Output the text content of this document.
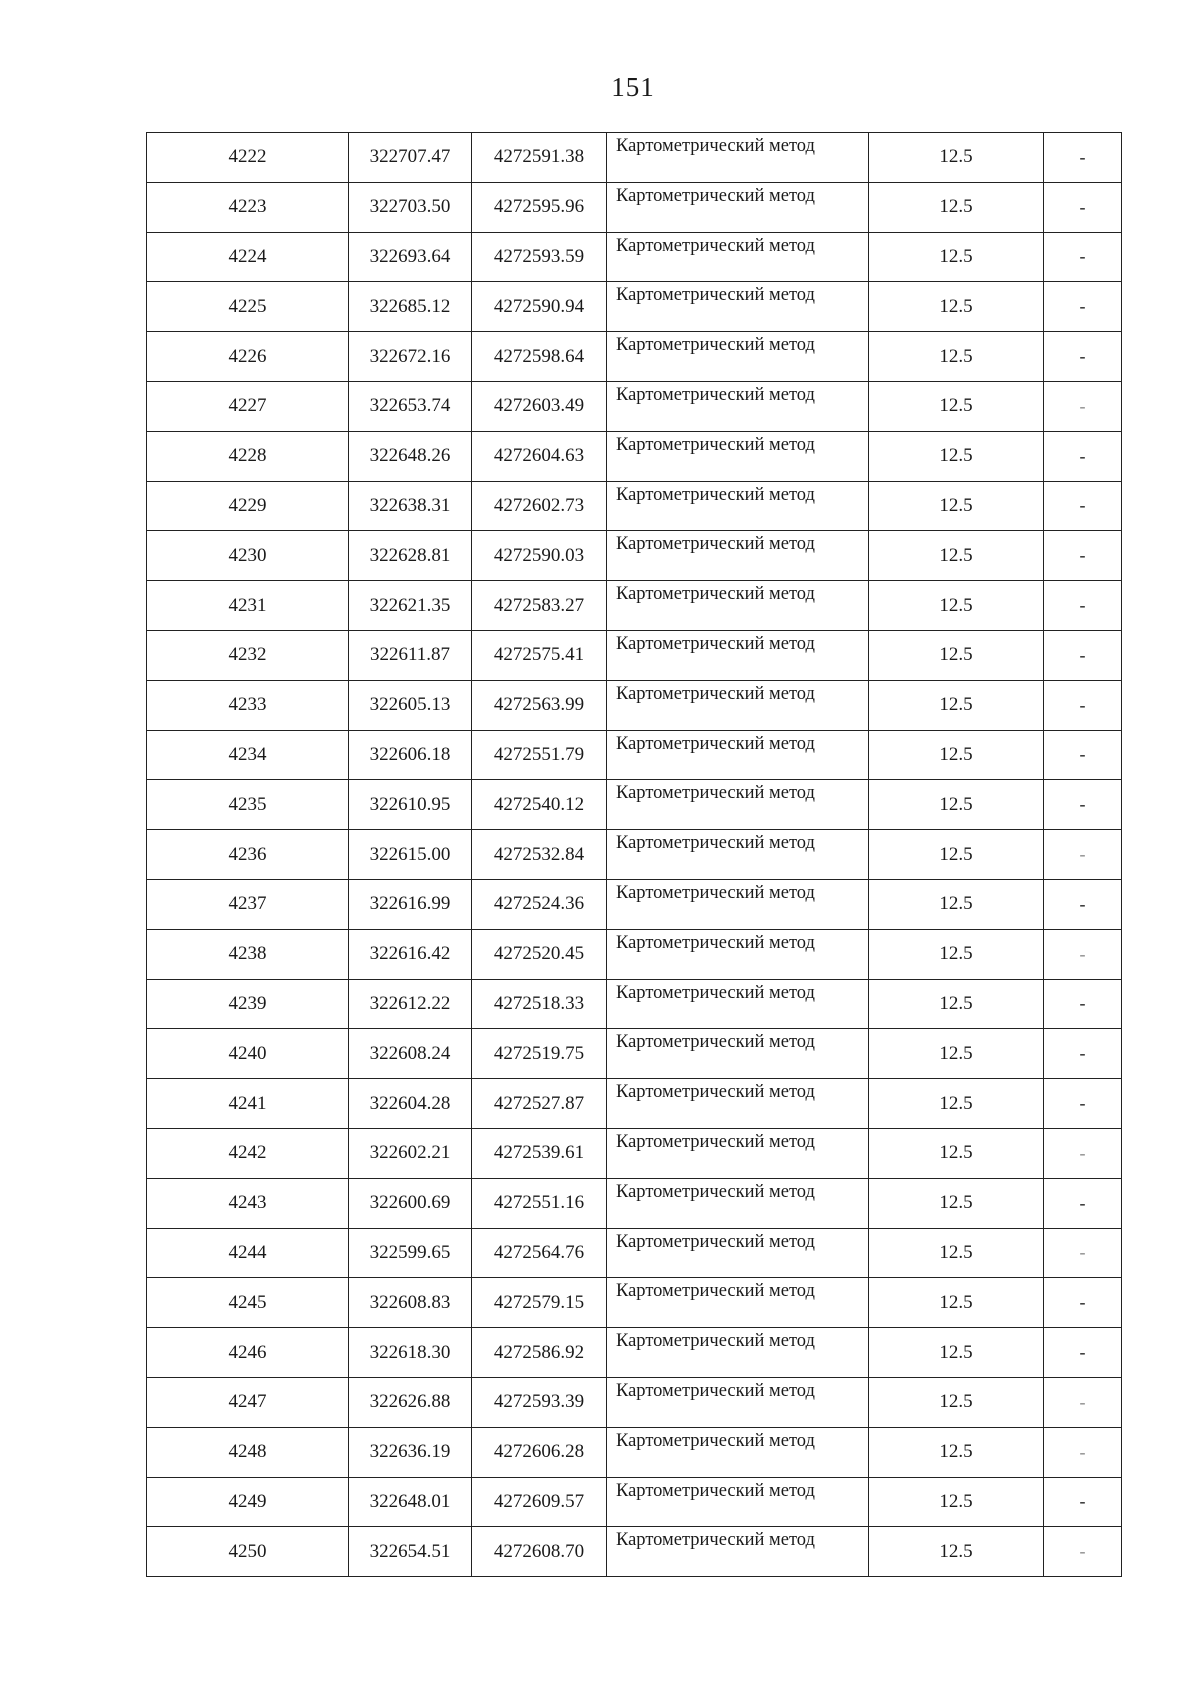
151
4222	322707.47	4272591.38	Картометрический метод	12.5	-
4223	322703.50	4272595.96	Картометрический метод	12.5	-
4224	322693.64	4272593.59	Картометрический метод	12.5	-
4225	322685.12	4272590.94	Картометрический метод	12.5	-
4226	322672.16	4272598.64	Картометрический метод	12.5	-
4227	322653.74	4272603.49	Картометрический метод	12.5	-
4228	322648.26	4272604.63	Картометрический метод	12.5	-
4229	322638.31	4272602.73	Картометрический метод	12.5	-
4230	322628.81	4272590.03	Картометрический метод	12.5	-
4231	322621.35	4272583.27	Картометрический метод	12.5	-
4232	322611.87	4272575.41	Картометрический метод	12.5	-
4233	322605.13	4272563.99	Картометрический метод	12.5	-
4234	322606.18	4272551.79	Картометрический метод	12.5	-
4235	322610.95	4272540.12	Картометрический метод	12.5	-
4236	322615.00	4272532.84	Картометрический метод	12.5	-
4237	322616.99	4272524.36	Картометрический метод	12.5	-
4238	322616.42	4272520.45	Картометрический метод	12.5	-
4239	322612.22	4272518.33	Картометрический метод	12.5	-
4240	322608.24	4272519.75	Картометрический метод	12.5	-
4241	322604.28	4272527.87	Картометрический метод	12.5	-
4242	322602.21	4272539.61	Картометрический метод	12.5	-
4243	322600.69	4272551.16	Картометрический метод	12.5	-
4244	322599.65	4272564.76	Картометрический метод	12.5	-
4245	322608.83	4272579.15	Картометрический метод	12.5	-
4246	322618.30	4272586.92	Картометрический метод	12.5	-
4247	322626.88	4272593.39	Картометрический метод	12.5	-
4248	322636.19	4272606.28	Картометрический метод	12.5	-
4249	322648.01	4272609.57	Картометрический метод	12.5	-
4250	322654.51	4272608.70	Картометрический метод	12.5	-
